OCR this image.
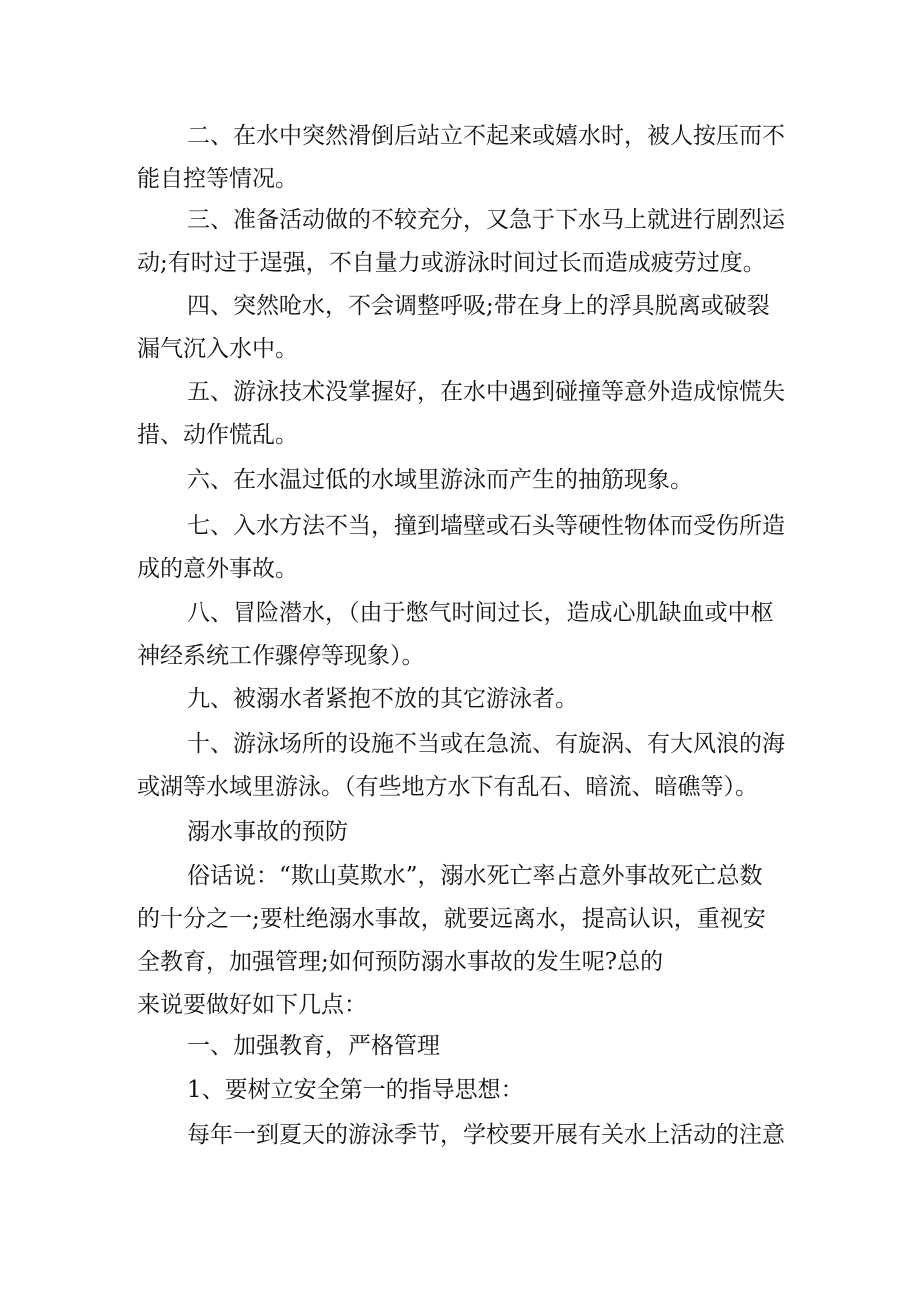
二、在水中突然滑倒后站立不起来或嬉水时，被人按压而不
能自控等情况。

三、准备活动做的不较充分，又急于下水马上就进行剧烈运
动;有时过于逞强，不自量力或游泳时间过长而造成疲劳过度。

四、突然呛水，不会调整呼吸;带在身上的浮具脱离或破裂
漏气沉入水中。

五、游泳技术没掌握好，在水中遇到碰撞等意外造成惊慌失
措、动作慌乱。

六、在水温过低的水域里游泳而产生的抽筋现象。

七、入水方法不当，撞到墙壁或石头等硬性物体而受伤所造
成的意外事故。

八、冒险潜水，（由于憋气时间过长，造成心肌缺血或中枢
神经系统工作骤停等现象）。

九、被溺水者紧抱不放的其它游泳者。

十、游泳场所的设施不当或在急流、有旋涡、有大风浪的海
或湖等水域里游泳。（有些地方水下有乱石、暗流、暗礁等）。

溺水事故的预防

俗话说：“欺山莫欺水”，溺水死亡率占意外事故死亡总数
的十分之一;要杜绝溺水事故，就要远离水，提高认识，重视安
全教育，加强管理;如何预防溺水事故的发生呢?总的
来说要做好如下几点：

一、加强教育，严格管理

1、要树立安全第一的指导思想：

每年一到夏天的游泳季节，学校要开展有关水上活动的注意
